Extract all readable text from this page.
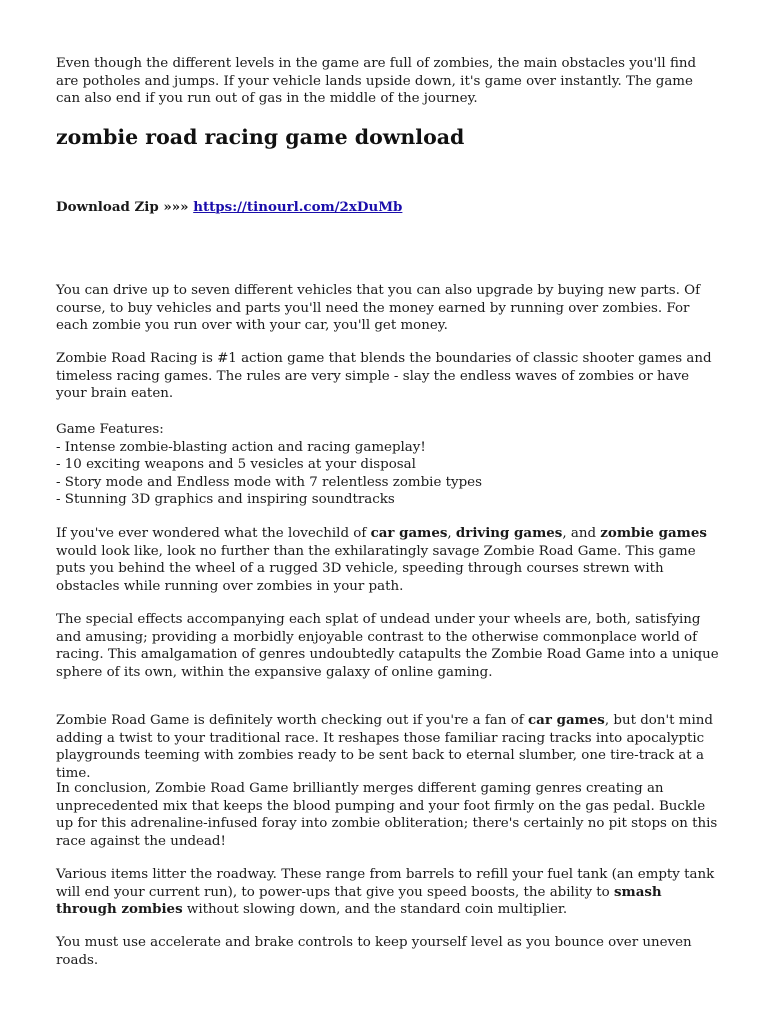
Even though the different levels in the game are full of zombies, the main obstacles you'll find are potholes and jumps. If your vehicle lands upside down, it's game over instantly. The game can also end if you run out of gas in the middle of the journey.

zombie road racing game download
Download Zip »»» https://tinourl.com/2xDuMb

You can drive up to seven different vehicles that you can also upgrade by buying new parts. Of course, to buy vehicles and parts you'll need the money earned by running over zombies. For each zombie you run over with your car, you'll get money.

Zombie Road Racing is #1 action game that blends the boundaries of classic shooter games and timeless racing games. The rules are very simple - slay the endless waves of zombies or have your brain eaten.

Game Features:
- Intense zombie-blasting action and racing gameplay!
- 10 exciting weapons and 5 vesicles at your disposal
- Story mode and Endless mode with 7 relentless zombie types
- Stunning 3D graphics and inspiring soundtracks

If you've ever wondered what the lovechild of car games, driving games, and zombie games would look like, look no further than the exhilaratingly savage Zombie Road Game. This game puts you behind the wheel of a rugged 3D vehicle, speeding through courses strewn with obstacles while running over zombies in your path.

The special effects accompanying each splat of undead under your wheels are, both, satisfying and amusing; providing a morbidly enjoyable contrast to the otherwise commonplace world of racing. This amalgamation of genres undoubtedly catapults the Zombie Road Game into a unique sphere of its own, within the expansive galaxy of online gaming.

Zombie Road Game is definitely worth checking out if you're a fan of car games, but don't mind adding a twist to your traditional race. It reshapes those familiar racing tracks into apocalyptic playgrounds teeming with zombies ready to be sent back to eternal slumber, one tire-track at a time.

In conclusion, Zombie Road Game brilliantly merges different gaming genres creating an unprecedented mix that keeps the blood pumping and your foot firmly on the gas pedal. Buckle up for this adrenaline-infused foray into zombie obliteration; there's certainly no pit stops on this race against the undead!

Various items litter the roadway. These range from barrels to refill your fuel tank (an empty tank will end your current run), to power-ups that give you speed boosts, the ability to smash through zombies without slowing down, and the standard coin multiplier.

You must use accelerate and brake controls to keep yourself level as you bounce over uneven roads.
